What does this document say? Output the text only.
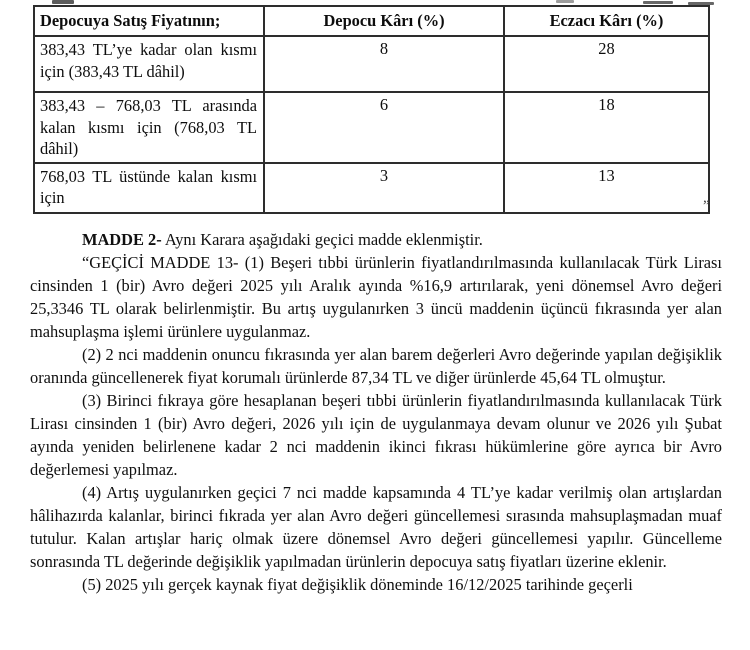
Depocuya Satış Fiyatının;	Depocu Kârı (%)	Eczacı Kârı (%)
383,43 TL’ye kadar olan kısmı için (383,43 TL dâhil)	8	28
383,43 – 768,03 TL arasında kalan kısmı için (768,03 TL dâhil)	6	18
768,03 TL üstünde kalan kısmı için	3	13
”

MADDE 2- Aynı Karara aşağıdaki geçici madde eklenmiştir.

“GEÇİCİ MADDE 13- (1) Beşeri tıbbi ürünlerin fiyatlandırılmasında kullanılacak Türk Lirası cinsinden 1 (bir) Avro değeri 2025 yılı Aralık ayında %16,9 artırılarak, yeni dönemsel Avro değeri 25,3346 TL olarak belirlenmiştir. Bu artış uygulanırken 3 üncü maddenin üçüncü fıkrasında yer alan mahsuplaşma işlemi ürünlere uygulanmaz.

(2) 2 nci maddenin onuncu fıkrasında yer alan barem değerleri Avro değerinde yapılan değişiklik oranında güncellenerek fiyat korumalı ürünlerde 87,34 TL ve diğer ürünlerde 45,64 TL olmuştur.

(3) Birinci fıkraya göre hesaplanan beşeri tıbbi ürünlerin fiyatlandırılmasında kullanılacak Türk Lirası cinsinden 1 (bir) Avro değeri, 2026 yılı için de uygulanmaya devam olunur ve 2026 yılı Şubat ayında yeniden belirlenene kadar 2 nci maddenin ikinci fıkrası hükümlerine göre ayrıca bir Avro değerlemesi yapılmaz.

(4) Artış uygulanırken geçici 7 nci madde kapsamında 4 TL’ye kadar verilmiş olan artışlardan hâlihazırda kalanlar, birinci fıkrada yer alan Avro değeri güncellemesi sırasında mahsuplaşmadan muaf tutulur. Kalan artışlar hariç olmak üzere dönemsel Avro değeri güncellemesi yapılır. Güncelleme sonrasında TL değerinde değişiklik yapılmadan ürünlerin depocuya satış fiyatları üzerine eklenir.

(5) 2025 yılı gerçek kaynak fiyat değişiklik döneminde 16/12/2025 tarihinde geçerli
